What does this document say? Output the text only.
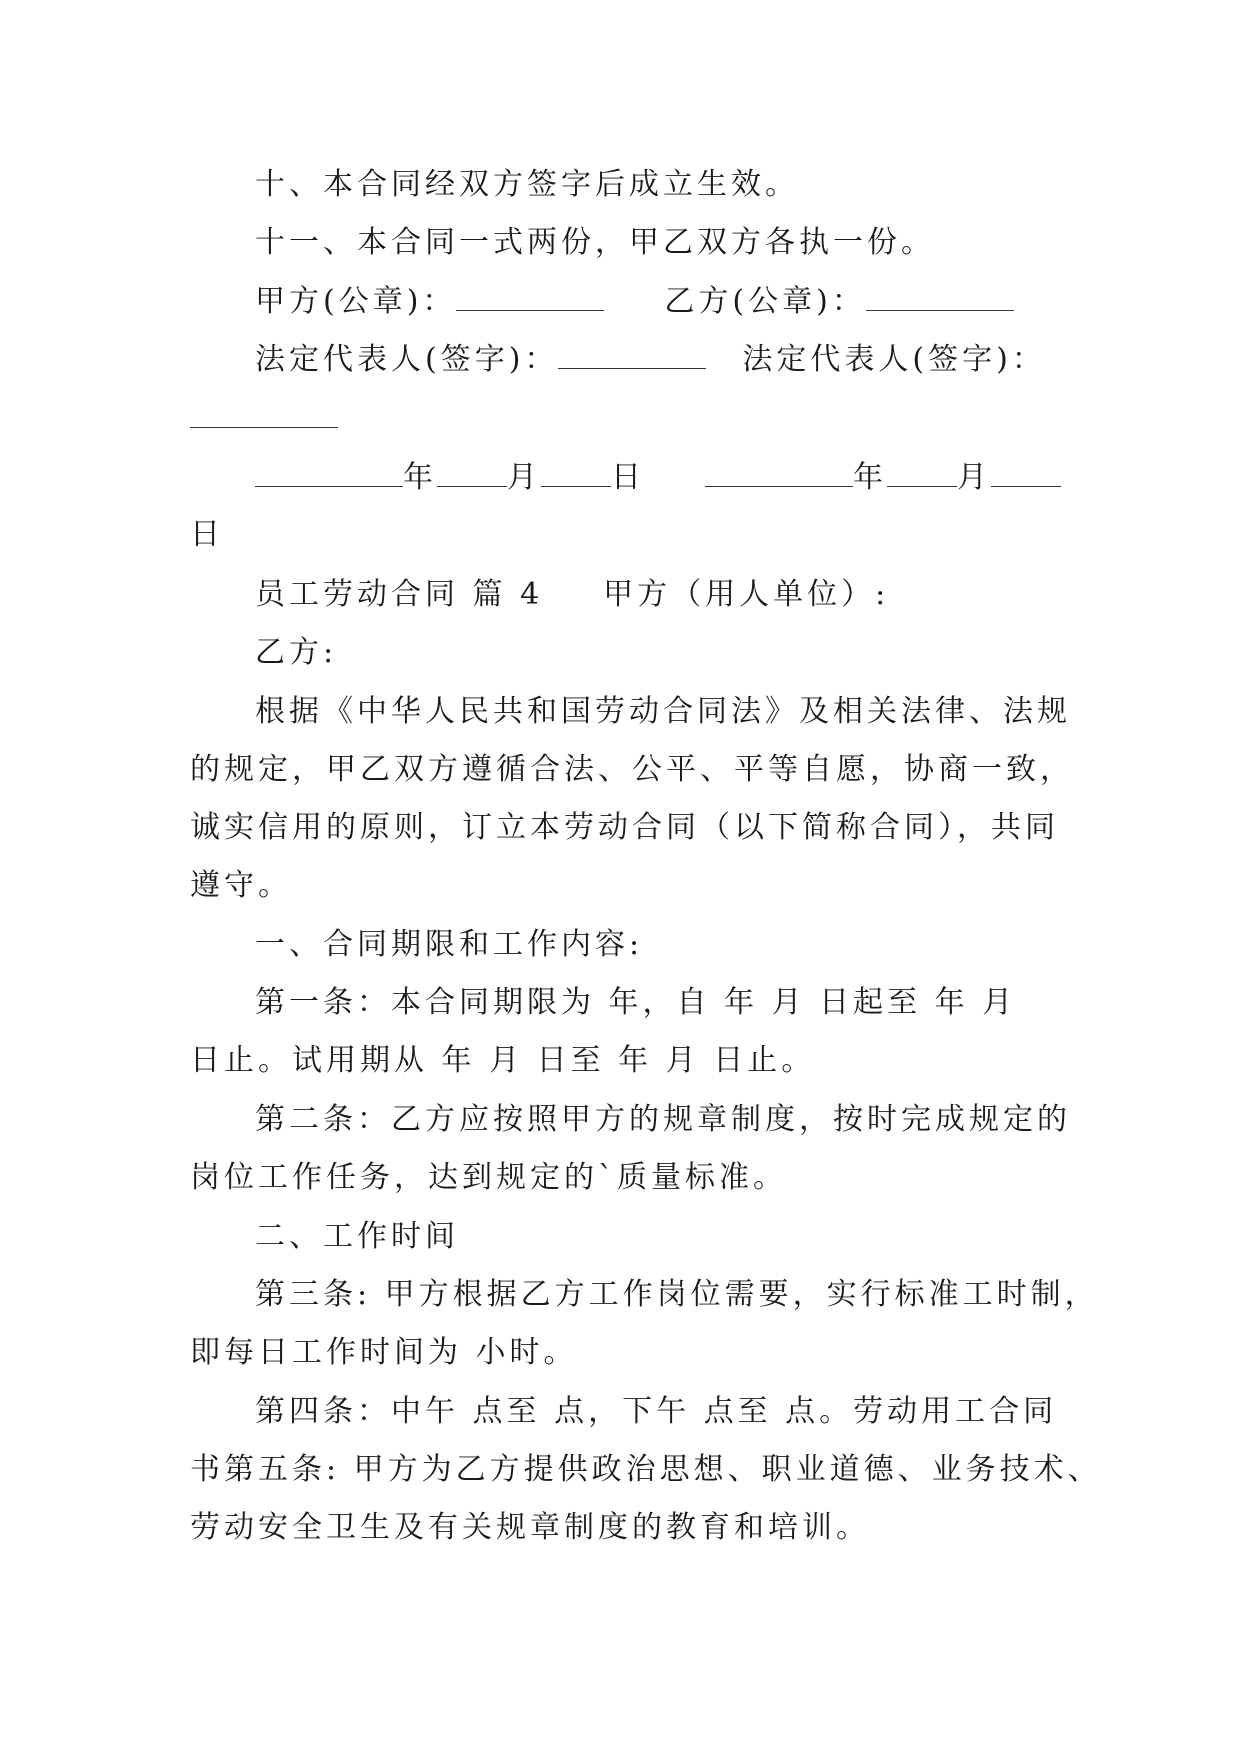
十、本合同经双方签字后成立生效。
十一、本合同一式两份，甲乙双方各执一份。
甲方(公章)：	乙方(公章)：
法定代表人(签字)：	法定代表人(签字)：
年 月 日	年 月
日
员工劳动合同 篇 4 甲方（用人单位）:
乙方:
根据《中华人民共和国劳动合同法》及相关法律、法规
的规定，甲乙双方遵循合法、公平、平等自愿，协商一致，
诚实信用的原则，订立本劳动合同（以下简称合同），共同
遵守。
一、合同期限和工作内容:
第一条：本合同期限为 年，自 年 月 日起至 年 月
日止。试用期从 年 月 日至 年 月 日止。
第二条：乙方应按照甲方的规章制度，按时完成规定的
岗位工作任务，达到规定的`质量标准。
二、工作时间
第三条: 甲方根据乙方工作岗位需要，实行标准工时制，
即每日工作时间为 小时。
第四条：中午 点至 点，下午 点至 点。劳动用工合同
书第五条: 甲方为乙方提供政治思想、职业道德、业务技术、
劳动安全卫生及有关规章制度的教育和培训。
